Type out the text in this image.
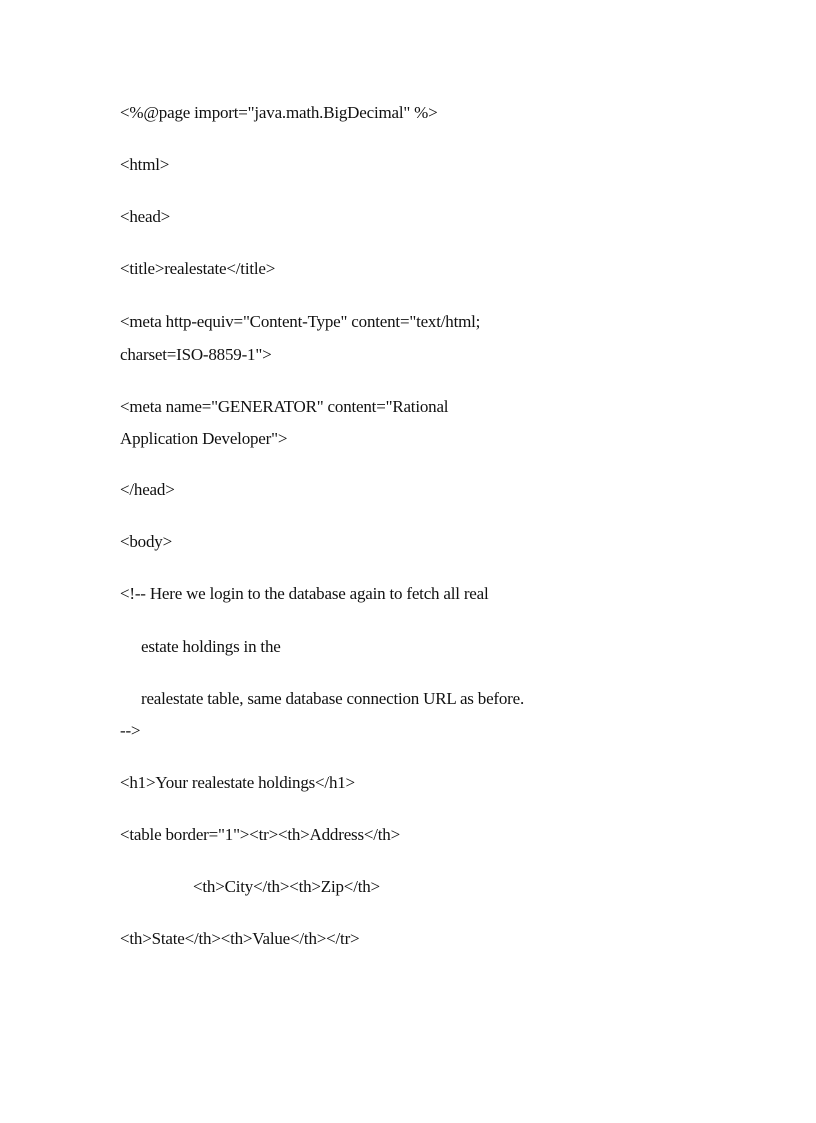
<%@page import="java.math.BigDecimal" %>
<html>
<head>
<title>realestate</title>
<meta http-equiv="Content-Type" content="text/html;
charset=ISO-8859-1">
<meta name="GENERATOR" content="Rational
Application Developer">
</head>
<body>
<!-- Here we login to the database again to fetch all real
estate holdings in the
realestate table, same database connection URL as before.
-->
<h1>Your realestate holdings</h1>
<table border="1"><tr><th>Address</th>
<th>City</th><th>Zip</th>
<th>State</th><th>Value</th></tr>
